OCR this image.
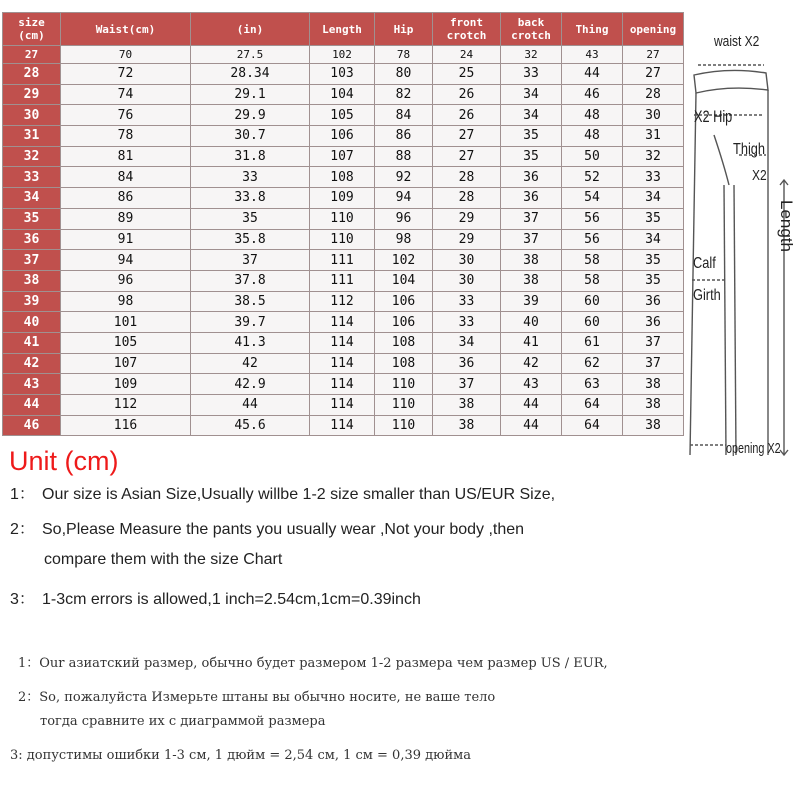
size (cm)	Waist(cm)	(in)	Length	Hip	front crotch	back crotch	Thing	opening
27	70	27.5	102	78	24	32	43	27
28	72	28.34	103	80	25	33	44	27
29	74	29.1	104	82	26	34	46	28
30	76	29.9	105	84	26	34	48	30
31	78	30.7	106	86	27	35	48	31
32	81	31.8	107	88	27	35	50	32
33	84	33	108	92	28	36	52	33
34	86	33.8	109	94	28	36	54	34
35	89	35	110	96	29	37	56	35
36	91	35.8	110	98	29	37	56	34
37	94	37	111	102	30	38	58	35
38	96	37.8	111	104	30	38	58	35
39	98	38.5	112	106	33	39	60	36
40	101	39.7	114	106	33	40	60	36
41	105	41.3	114	108	34	41	61	37
42	107	42	114	108	36	42	62	37
43	109	42.9	114	110	37	43	63	38
44	112	44	114	110	38	44	64	38
46	116	45.6	114	110	38	44	64	38
waist X2
X2 Hip
Thigh
X2
Length
Calf
Girth
opening X2
Unit (cm)
1： Our size is Asian Size,Usually willbe 1-2 size smaller than US/EUR Size,
2： So,Please Measure the pants you usually wear ,Not your body ,then
compare them with the size Chart
3： 1-3cm errors is allowed,1 inch=2.54cm,1cm=0.39inch
1：Our азиатский размер, обычно будет размером 1-2 размера чем размер US / EUR,
2：So, пожалуйста Измерьте штаны вы обычно носите, не ваше тело
тогда сравните их с диаграммой размера
3: допустимы ошибки 1-3 см, 1 дюйм = 2,54 см, 1 см = 0,39 дюйма
